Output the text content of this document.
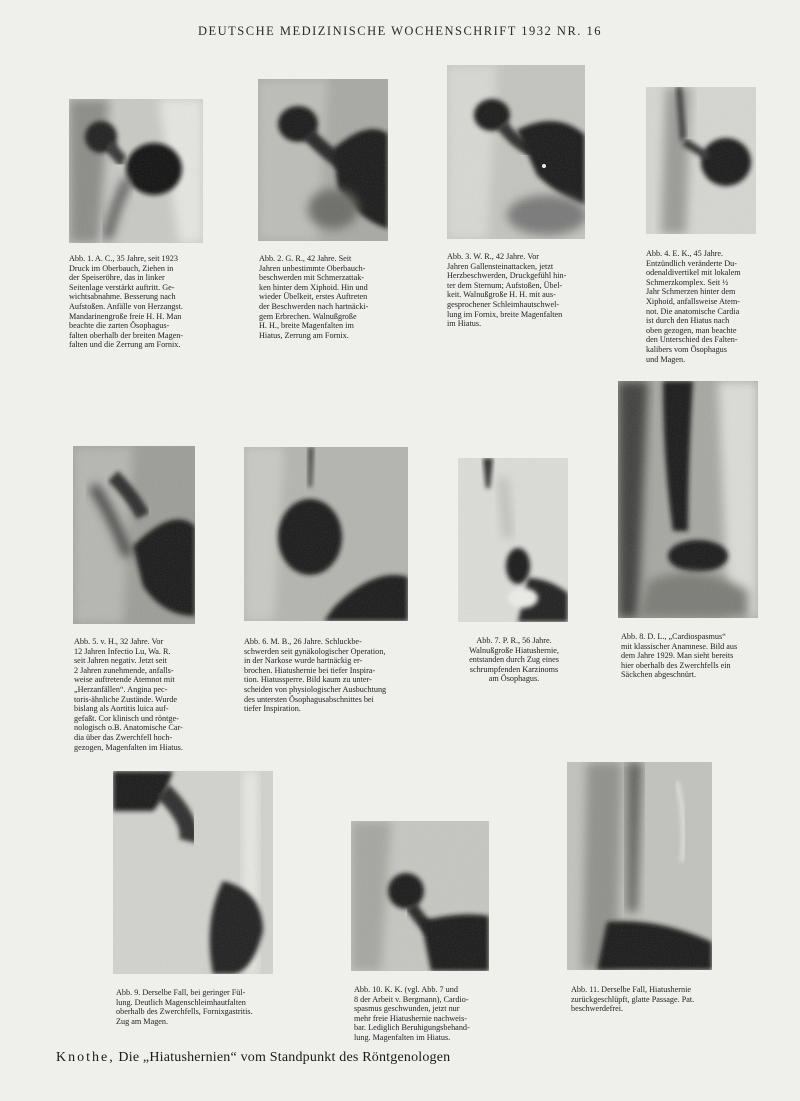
DEUTSCHE MEDIZINISCHE WOCHENSCHRIFT 1932 NR. 16
Abb. 1. A. C., 35 Jahre, seit 1923
Druck im Oberbauch, Ziehen in
der Speiseröhre, das in linker
Seitenlage verstärkt auftritt. Ge-
wichtsabnahme. Besserung nach
Aufstoßen. Anfälle von Herzangst.
Mandarinengroße freie H. H. Man
beachte die zarten Ösophagus-
falten oberhalb der breiten Magen-
falten und die Zerrung am Fornix.
Abb. 2. G. R., 42 Jahre. Seit
Jahren unbestimmte Oberbauch-
beschwerden mit Schmerzattak-
ken hinter dem Xiphoid. Hin und
wieder Übelkeit, erstes Auftreten
der Beschwerden nach hartnäcki-
gem Erbrechen. Walnußgroße
H. H., breite Magenfalten im
Hiatus, Zerrung am Fornix.
Abb. 3. W. R., 42 Jahre. Vor
Jahren Gallensteinattacken, jetzt
Herzbeschwerden, Druckgefühl hin-
ter dem Sternum; Aufstoßen, Übel-
keit. Walnußgroße H. H. mit aus-
gesprochener Schleimhautschwel-
lung im Fornix, breite Magenfalten
im Hiatus.
Abb. 4. E. K., 45 Jahre.
Entzündlich veränderte Du-
odenaldivertikel mit lokalem
Schmerzkomplex. Seit ½
Jahr Schmerzen hinter dem
Xiphoid, anfallsweise Atem-
not. Die anatomische Cardia
ist durch den Hiatus nach
oben gezogen, man beachte
den Unterschied des Falten-
kalibers vom Ösophagus
und Magen.
Abb. 5. v. H., 32 Jahre. Vor
12 Jahren Infectio Lu, Wa. R.
seit Jahren negativ. Jetzt seit
2 Jahren zunehmende, anfalls-
weise auftretende Atemnot mit
„Herzanfällen“. Angina pec-
toris-ähnliche Zustände. Wurde
bislang als Aortitis luica auf-
gefaßt. Cor klinisch und röntge-
nologisch o.B. Anatomische Car-
dia über das Zwerchfell hoch-
gezogen, Magenfalten im Hiatus.
Abb. 6. M. B., 26 Jahre. Schluckbe-
schwerden seit gynäkologischer Operation,
in der Narkose wurde hartnäckig er-
brochen. Hiatushernie bei tiefer Inspira-
tion. Hiatussperre. Bild kaum zu unter-
scheiden von physiologischer Ausbuchtung
des untersten Ösophagusabschnittes bei
tiefer Inspiration.
Abb. 7. P. R., 56 Jahre.
Walnußgroße Hiatushernie,
entstanden durch Zug eines
schrumpfenden Karzinoms
am Ösophagus.
Abb. 8. D. L., „Cardiospasmus“
mit klassischer Anamnese. Bild aus
dem Jahre 1929. Man sieht bereits
hier oberhalb des Zwerchfells ein
Säckchen abgeschnürt.
Abb. 9. Derselbe Fall, bei geringer Fül-
lung. Deutlich Magenschleimhautfalten
oberhalb des Zwerchfells, Fornixgastritis.
Zug am Magen.
Abb. 10. K. K. (vgl. Abb. 7 und
8 der Arbeit v. Bergmann), Cardio-
spasmus geschwunden, jetzt nur
mehr freie Hiatushernie nachweis-
bar. Lediglich Beruhigungsbehand-
lung. Magenfalten im Hiatus.
Abb. 11. Derselbe Fall, Hiatushernie
zurückgeschlüpft, glatte Passage. Pat.
beschwerdefrei.
Knothe, Die „Hiatushernien“ vom Standpunkt des Röntgenologen
